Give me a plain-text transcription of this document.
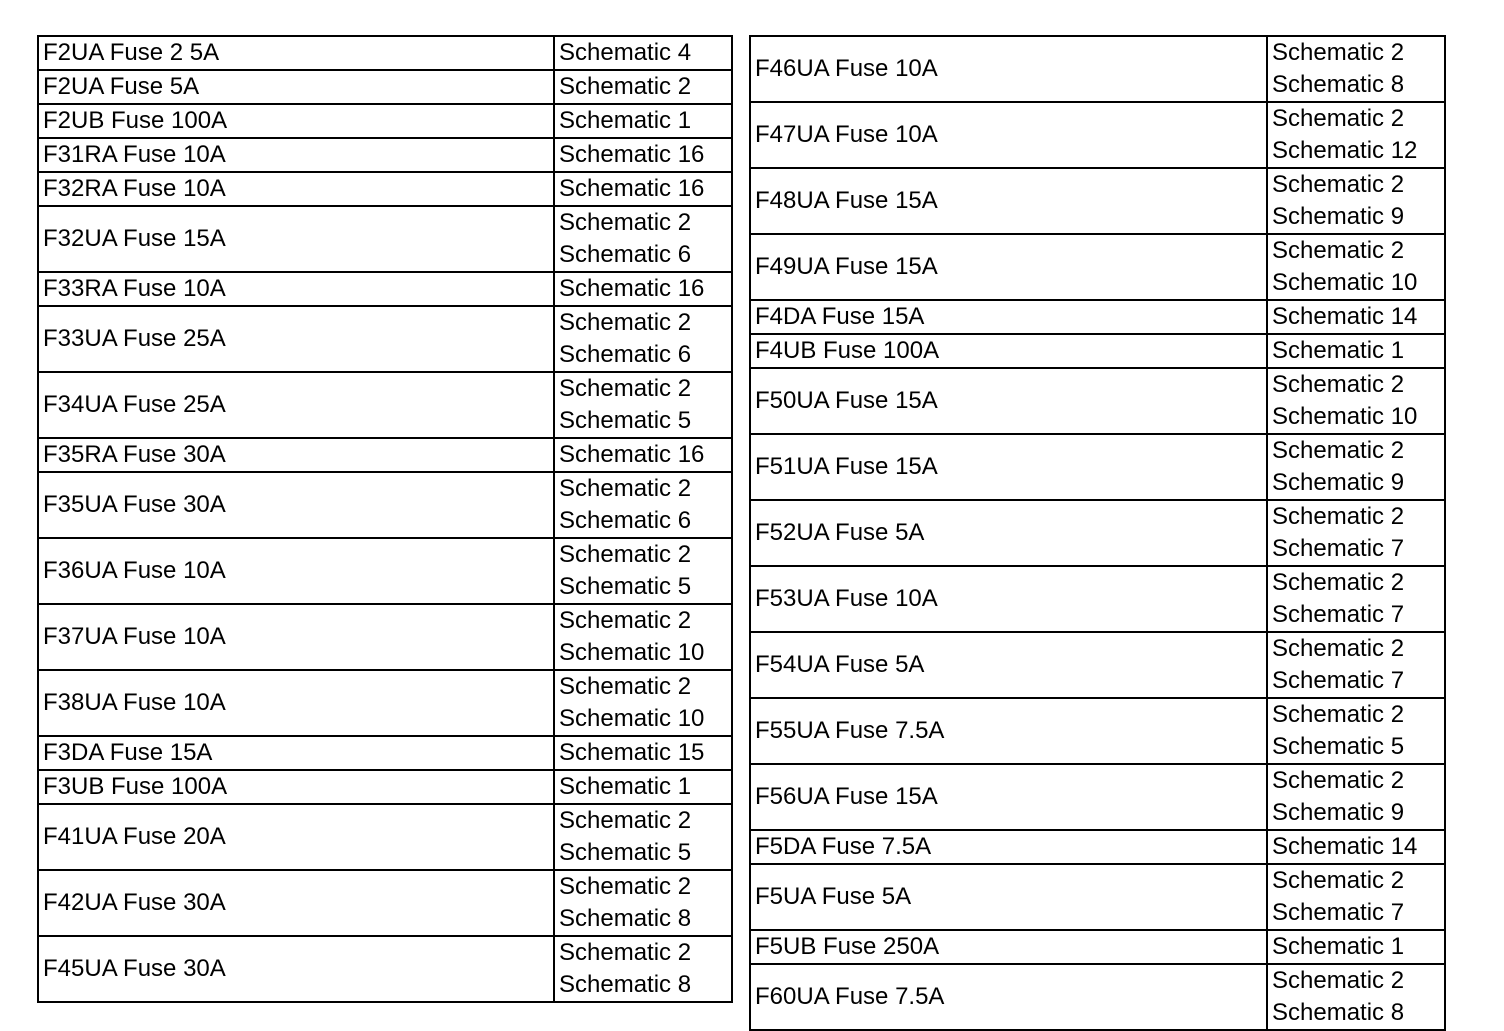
F2UA Fuse 2 5A	Schematic 4

F2UA Fuse 5A	Schematic 2

F2UB Fuse 100A	Schematic 1

F31RA Fuse 10A	Schematic 16

F32RA Fuse 10A	Schematic 16

F32UA Fuse 15A	Schematic 2
Schematic 6

F33RA Fuse 10A	Schematic 16

F33UA Fuse 25A	Schematic 2
Schematic 6

F34UA Fuse 25A	Schematic 2
Schematic 5

F35RA Fuse 30A	Schematic 16

F35UA Fuse 30A	Schematic 2
Schematic 6

F36UA Fuse 10A	Schematic 2
Schematic 5

F37UA Fuse 10A	Schematic 2
Schematic 10

F38UA Fuse 10A	Schematic 2
Schematic 10

F3DA Fuse 15A	Schematic 15

F3UB Fuse 100A	Schematic 1

F41UA Fuse 20A	Schematic 2
Schematic 5

F42UA Fuse 30A	Schematic 2
Schematic 8

F45UA Fuse 30A	Schematic 2
Schematic 8
F46UA Fuse 10A	Schematic 2
Schematic 8

F47UA Fuse 10A	Schematic 2
Schematic 12

F48UA Fuse 15A	Schematic 2
Schematic 9

F49UA Fuse 15A	Schematic 2
Schematic 10

F4DA Fuse 15A	Schematic 14

F4UB Fuse 100A	Schematic 1

F50UA Fuse 15A	Schematic 2
Schematic 10

F51UA Fuse 15A	Schematic 2
Schematic 9

F52UA Fuse 5A	Schematic 2
Schematic 7

F53UA Fuse 10A	Schematic 2
Schematic 7

F54UA Fuse 5A	Schematic 2
Schematic 7

F55UA Fuse 7.5A	Schematic 2
Schematic 5

F56UA Fuse 15A	Schematic 2
Schematic 9

F5DA Fuse 7.5A	Schematic 14

F5UA Fuse 5A	Schematic 2
Schematic 7

F5UB Fuse 250A	Schematic 1

F60UA Fuse 7.5A	Schematic 2
Schematic 8
